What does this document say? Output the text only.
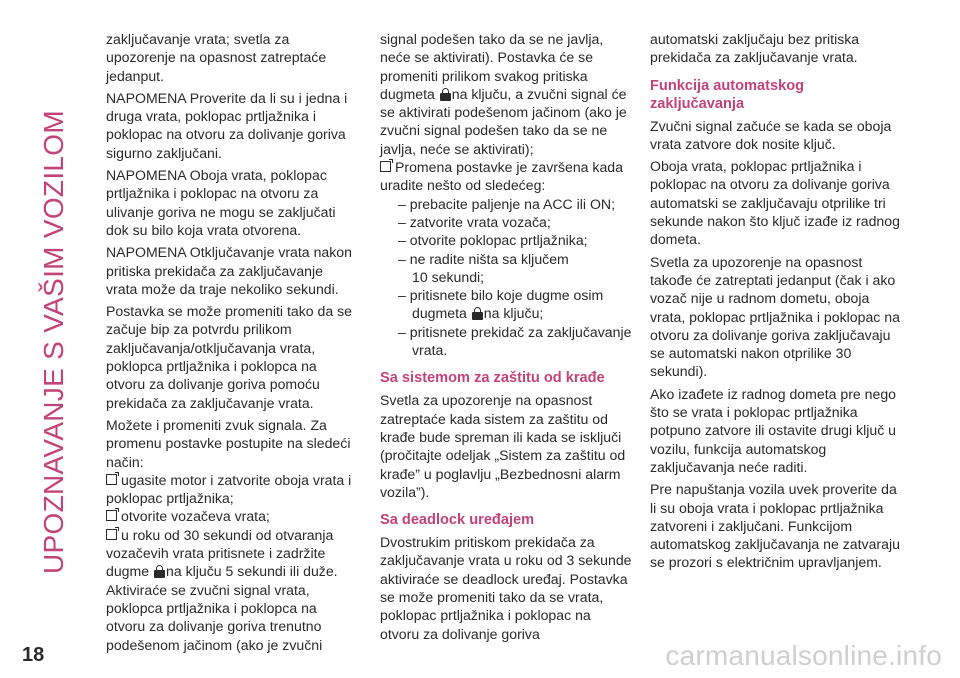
UPOZNAVANJE S VAŠIM VOZILOM

zaključavanje vrata; svetla za upozorenje na opasnost zatreptaće jedanput.

NAPOMENA Proverite da li su i jedna i druga vrata, poklopac prtljažnika i poklopac na otvoru za dolivanje goriva sigurno zaključani.

NAPOMENA Oboja vrata, poklopac prtljažnika i poklopac na otvoru za ulivanje goriva ne mogu se zaključati dok su bilo koja vrata otvorena.

NAPOMENA Otključavanje vrata nakon pritiska prekidača za zaključavanje vrata može da traje nekoliko sekundi.

Postavka se može promeniti tako da se začuje bip za potvrdu prilikom zaključavanja/otključavanja vrata, poklopca prtljažnika i poklopca na otvoru za dolivanje goriva pomoću prekidača za zaključavanje vrata.

Možete i promeniti zvuk signala. Za promenu postavke postupite na sledeći način:

ugasite motor i zatvorite oboja vrata i poklopac prtljažnika;

otvorite vozačeva vrata;

u roku od 30 sekundi od otvaranja vozačevih vrata pritisnete i zadržite dugme na ključu 5 sekundi ili duže. Aktiviraće se zvučni signal vrata, poklopca prtljažnika i poklopca na otvoru za dolivanje goriva trenutno podešenom jačinom (ako je zvučni

signal podešen tako da se ne javlja, neće se aktivirati). Postavka će se promeniti prilikom svakog pritiska dugmeta na ključu, a zvučni signal će se aktivirati podešenom jačinom (ako je zvučni signal podešen tako da se ne javlja, neće se aktivirati);

Promena postavke je završena kada uradite nešto od sledećeg:

– prebacite paljenje na ACC ili ON;
– zatvorite vrata vozača;
– otvorite poklopac prtljažnika;
– ne radite ništa sa ključem
10 sekundi;
– pritisnete bilo koje dugme osim
dugmeta na ključu;
– pritisnete prekidač za zaključavanje
vrata.
Sa sistemom za zaštitu od krađe

Svetla za upozorenje na opasnost zatreptaće kada sistem za zaštitu od krađe bude spreman ili kada se isključi (pročitajte odeljak „Sistem za zaštitu od krađe” u poglavlju „Bezbednosni alarm vozila”).

Sa deadlock uređajem

Dvostrukim pritiskom prekidača za zaključavanje vrata u roku od 3 sekunde aktiviraće se deadlock uređaj. Postavka se može promeniti tako da se vrata, poklopac prtljažnika i poklopac na otvoru za dolivanje goriva

automatski zaključaju bez pritiska prekidača za zaključavanje vrata.

Funkcija automatskog zaključavanja

Zvučni signal začuće se kada se oboja vrata zatvore dok nosite ključ.

Oboja vrata, poklopac prtljažnika i poklopac na otvoru za dolivanje goriva automatski se zaključavaju otprilike tri sekunde nakon što ključ izađe iz radnog dometa.

Svetla za upozorenje na opasnost takođe će zatreptati jedanput (čak i ako vozač nije u radnom dometu, oboja vrata, poklopac prtljažnika i poklopac na otvoru za dolivanje goriva zaključavaju se automatski nakon otprilike 30 sekundi).

Ako izađete iz radnog dometa pre nego što se vrata i poklopac prtljažnika potpuno zatvore ili ostavite drugi ključ u vozilu, funkcija automatskog zaključavanja neće raditi.

Pre napuštanja vozila uvek proverite da li su oboja vrata i poklopac prtljažnika zatvoreni i zaključani. Funkcijom automatskog zaključavanja ne zatvaraju se prozori s električnim upravljanjem.

18	carmanualsonline.info
